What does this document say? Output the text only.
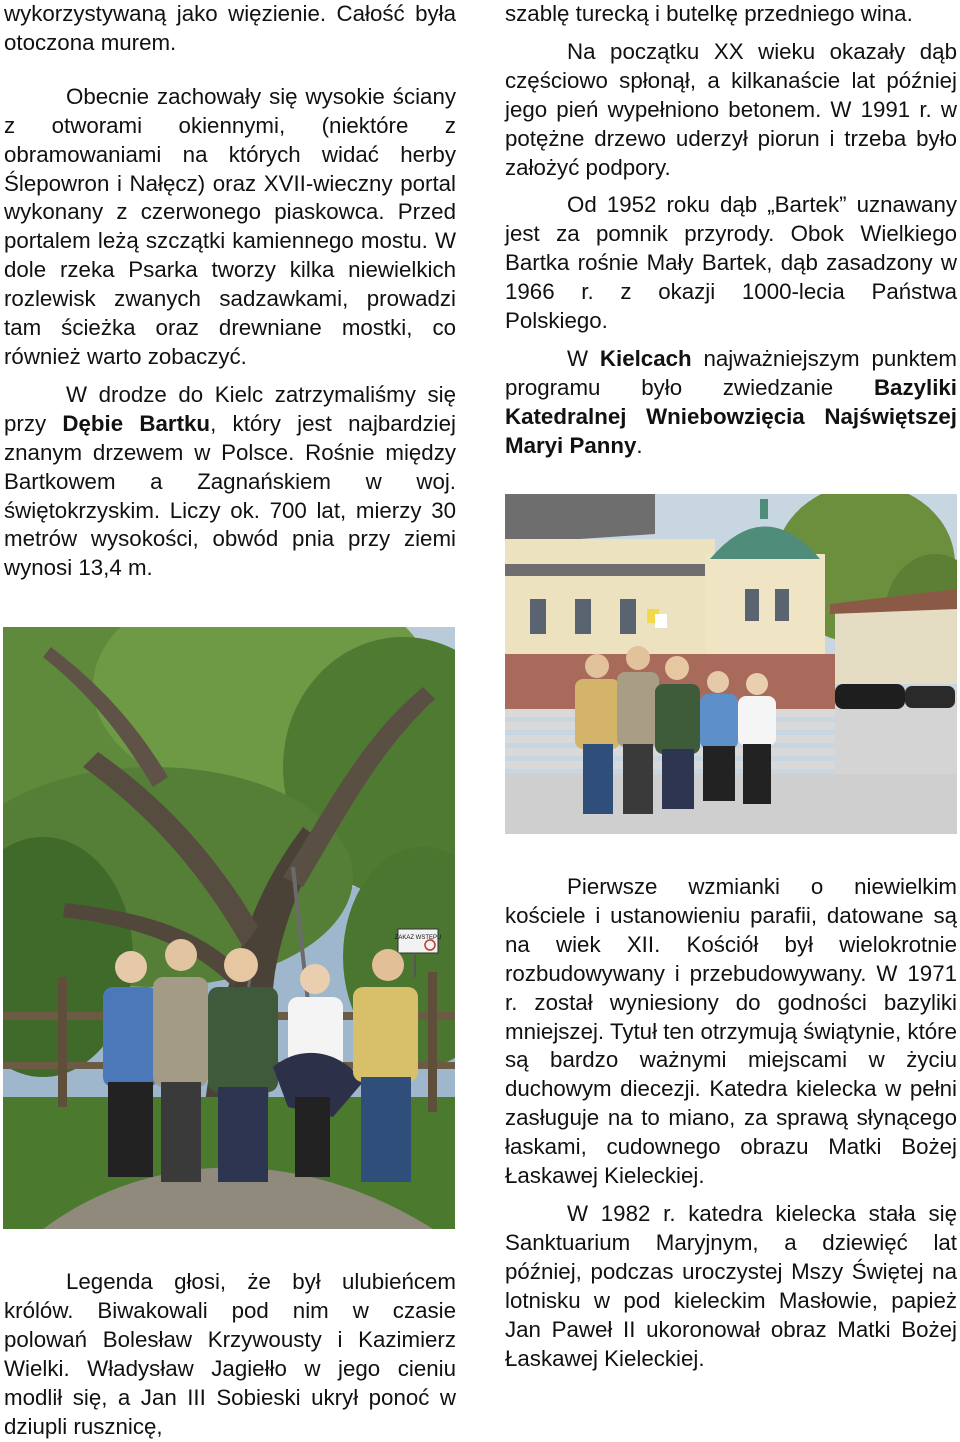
wykorzystywaną jako więzienie. Całość była otoczona murem.

Obecnie zachowały się wysokie ściany z otworami okiennymi, (niektóre z obramowaniami na których widać herby Ślepowron i Nałęcz) oraz XVII-wieczny portal wykonany z czerwonego piaskowca. Przed portalem leżą szczątki kamiennego mostu. W dole rzeka Psarka tworzy kilka niewielkich rozlewisk zwanych sadzawkami, prowadzi tam ścieżka oraz drewniane mostki, co również warto zobaczyć.

W drodze do Kielc zatrzymaliśmy się przy Dębie Bartku, który jest najbardziej znanym drzewem w Polsce. Rośnie między Bartkowem a Zagnańskiem w woj. świętokrzyskim. Liczy ok. 700 lat, mierzy 30 metrów wysokości, obwód pnia przy ziemi wynosi 13,4 m.

ZAKAZ WSTĘPU

Legenda głosi, że był ulubieńcem królów. Biwakowali pod nim w czasie polowań Bolesław Krzywousty i Kazimierz Wielki. Władysław Jagiełło w jego cieniu modlił się, a Jan III Sobieski ukrył ponoć w dziupli rusznicę,

szablę turecką i butelkę przedniego wina.

Na początku XX wieku okazały dąb częściowo spłonął, a kilkanaście lat później jego pień wypełniono betonem. W 1991 r. w potężne drzewo uderzył piorun i trzeba było założyć podpory.

Od 1952 roku dąb „Bartek” uznawany jest za pomnik przyrody. Obok Wielkiego Bartka rośnie Mały Bartek, dąb zasadzony w 1966 r. z okazji 1000-lecia Państwa Polskiego.

W Kielcach najważniejszym punktem programu było zwiedzanie Bazyliki Katedralnej Wniebowzięcia Najświętszej Maryi Panny.

Pierwsze wzmianki o niewielkim kościele i ustanowieniu parafii, datowane są na wiek XII. Kościół był wielokrotnie rozbudowywany i przebudowywany. W 1971 r. został wyniesiony do godności bazyliki mniejszej. Tytuł ten otrzymują świątynie, które są bardzo ważnymi miejscami w życiu duchowym diecezji. Katedra kielecka w pełni zasługuje na to miano, za sprawą słynącego łaskami, cudownego obrazu Matki Bożej Łaskawej Kieleckiej.

W 1982 r. katedra kielecka stała się Sanktuarium Maryjnym, a dziewięć lat później, podczas uroczystej Mszy Świętej na lotnisku w pod kieleckim Masłowie, papież Jan Paweł II ukoronował obraz Matki Bożej Łaskawej Kieleckiej.
